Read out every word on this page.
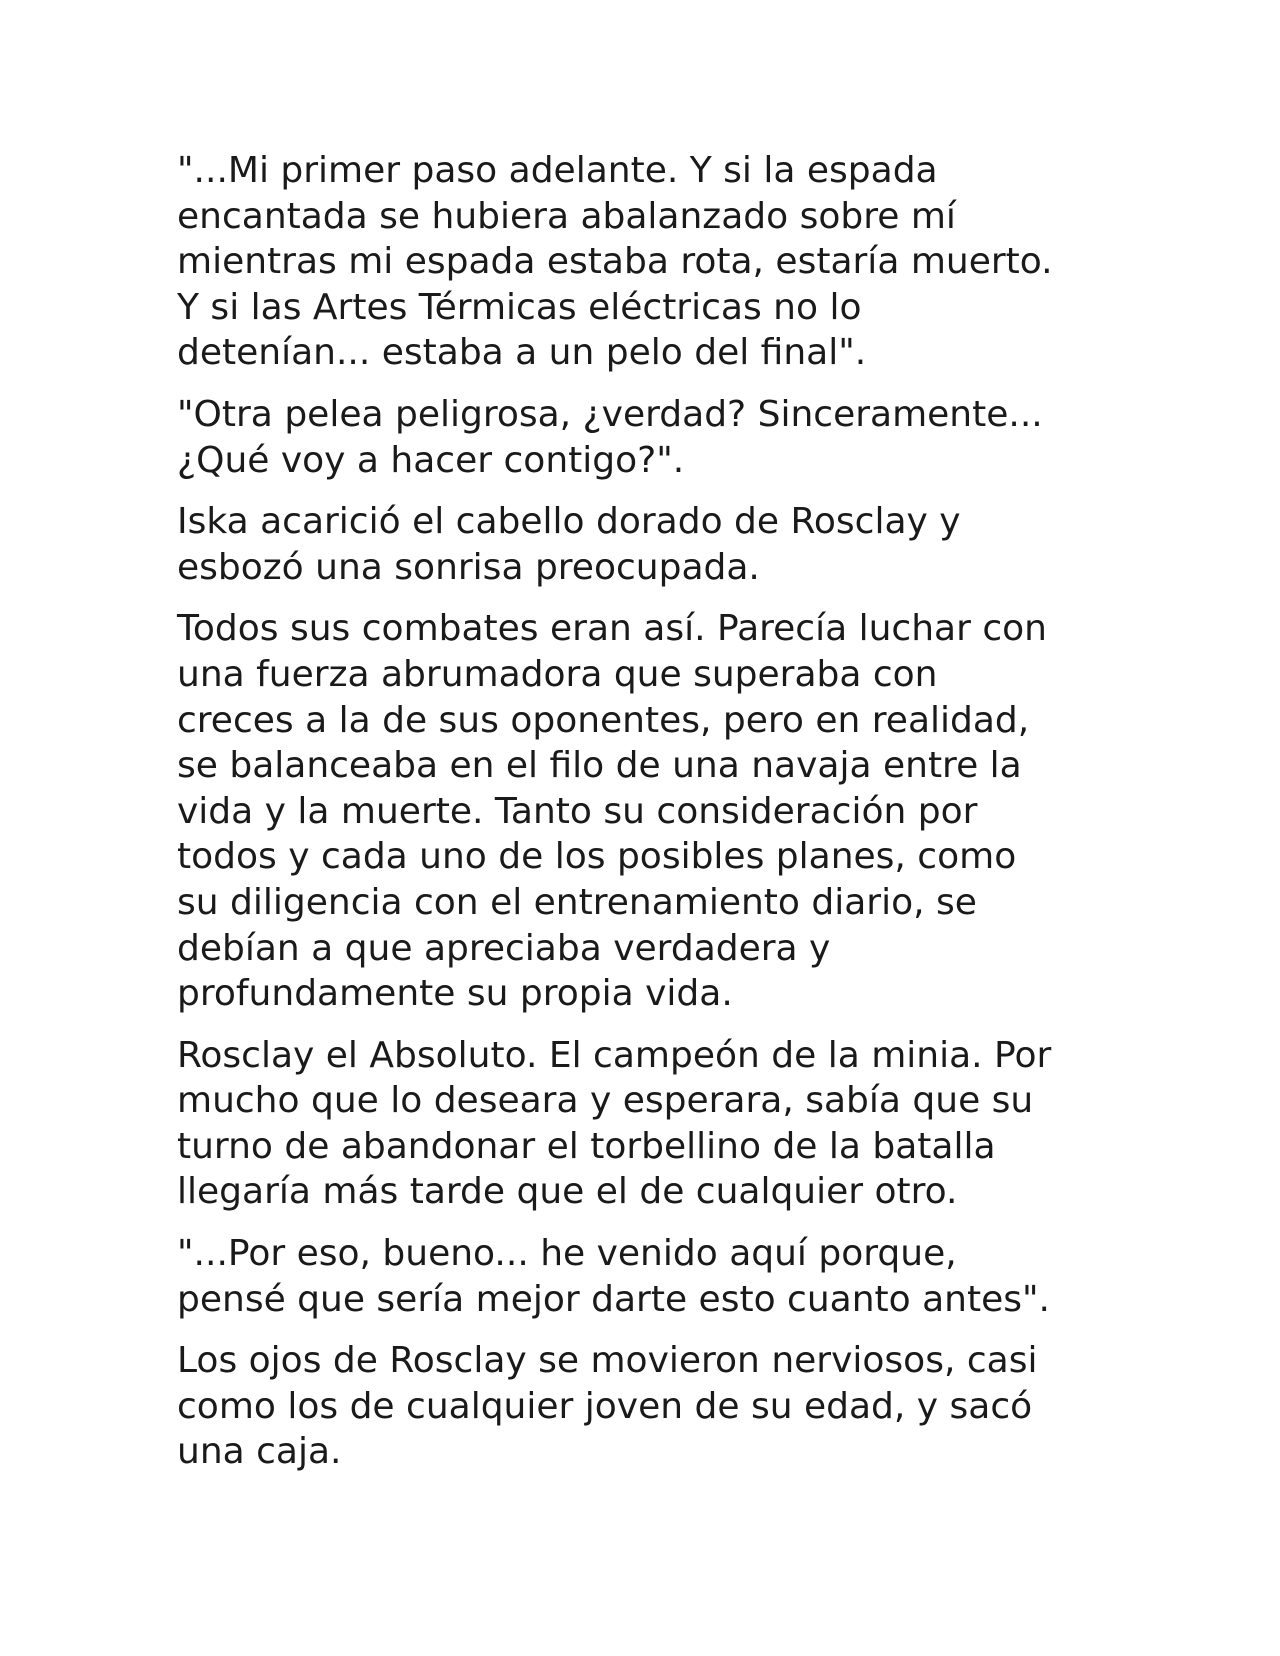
"...Mi primer paso adelante. Y si la espada
encantada se hubiera abalanzado sobre mí
mientras mi espada estaba rota, estaría muerto.
Y si las Artes Térmicas eléctricas no lo
detenían... estaba a un pelo del final".

"Otra pelea peligrosa, ¿verdad? Sinceramente...
¿Qué voy a hacer contigo?".

Iska acarició el cabello dorado de Rosclay y
esbozó una sonrisa preocupada.

Todos sus combates eran así. Parecía luchar con
una fuerza abrumadora que superaba con
creces a la de sus oponentes, pero en realidad,
se balanceaba en el filo de una navaja entre la
vida y la muerte. Tanto su consideración por
todos y cada uno de los posibles planes, como
su diligencia con el entrenamiento diario, se
debían a que apreciaba verdadera y
profundamente su propia vida.

Rosclay el Absoluto. El campeón de la minia. Por
mucho que lo deseara y esperara, sabía que su
turno de abandonar el torbellino de la batalla
llegaría más tarde que el de cualquier otro.

"...Por eso, bueno... he venido aquí porque,
pensé que sería mejor darte esto cuanto antes".

Los ojos de Rosclay se movieron nerviosos, casi
como los de cualquier joven de su edad, y sacó
una caja.
